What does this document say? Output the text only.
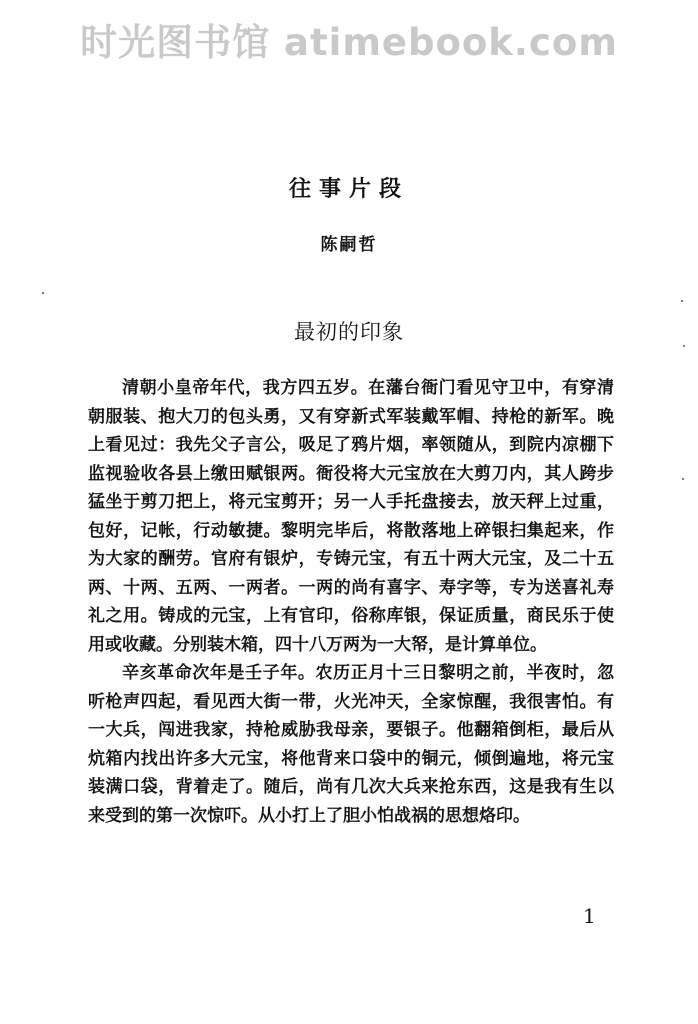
时光图书馆 atimebook.com
往事片段
陈嗣哲
最初的印象

清朝小皇帝年代，我方四五岁。在藩台衙门看见守卫中，有穿清朝服装、抱大刀的包头勇，又有穿新式军装戴军帽、持枪的新军。晚上看见过：我先父子言公，吸足了鸦片烟，率领随从，到院内凉棚下监视验收各县上缴田赋银两。衙役将大元宝放在大剪刀内，其人跨步猛坐于剪刀把上，将元宝剪开；另一人手托盘接去，放天秤上过重，包好，记帐，行动敏捷。黎明完毕后，将散落地上碎银扫集起来，作为大家的酬劳。官府有银炉，专铸元宝，有五十两大元宝，及二十五两、十两、五两、一两者。一两的尚有喜字、寿字等，专为送喜礼寿礼之用。铸成的元宝，上有官印，俗称库银，保证质量，商民乐于使用或收藏。分别装木箱，四十八万两为一大帑，是计算单位。

辛亥革命次年是壬子年。农历正月十三日黎明之前，半夜时，忽听枪声四起，看见西大街一带，火光冲天，全家惊醒，我很害怕。有一大兵，闯进我家，持枪威胁我母亲，要银子。他翻箱倒柜，最后从炕箱内找出许多大元宝，将他背来口袋中的铜元，倾倒遍地，将元宝装满口袋，背着走了。随后，尚有几次大兵来抢东西，这是我有生以来受到的第一次惊吓。从小打上了胆小怕战祸的思想烙印。

1
